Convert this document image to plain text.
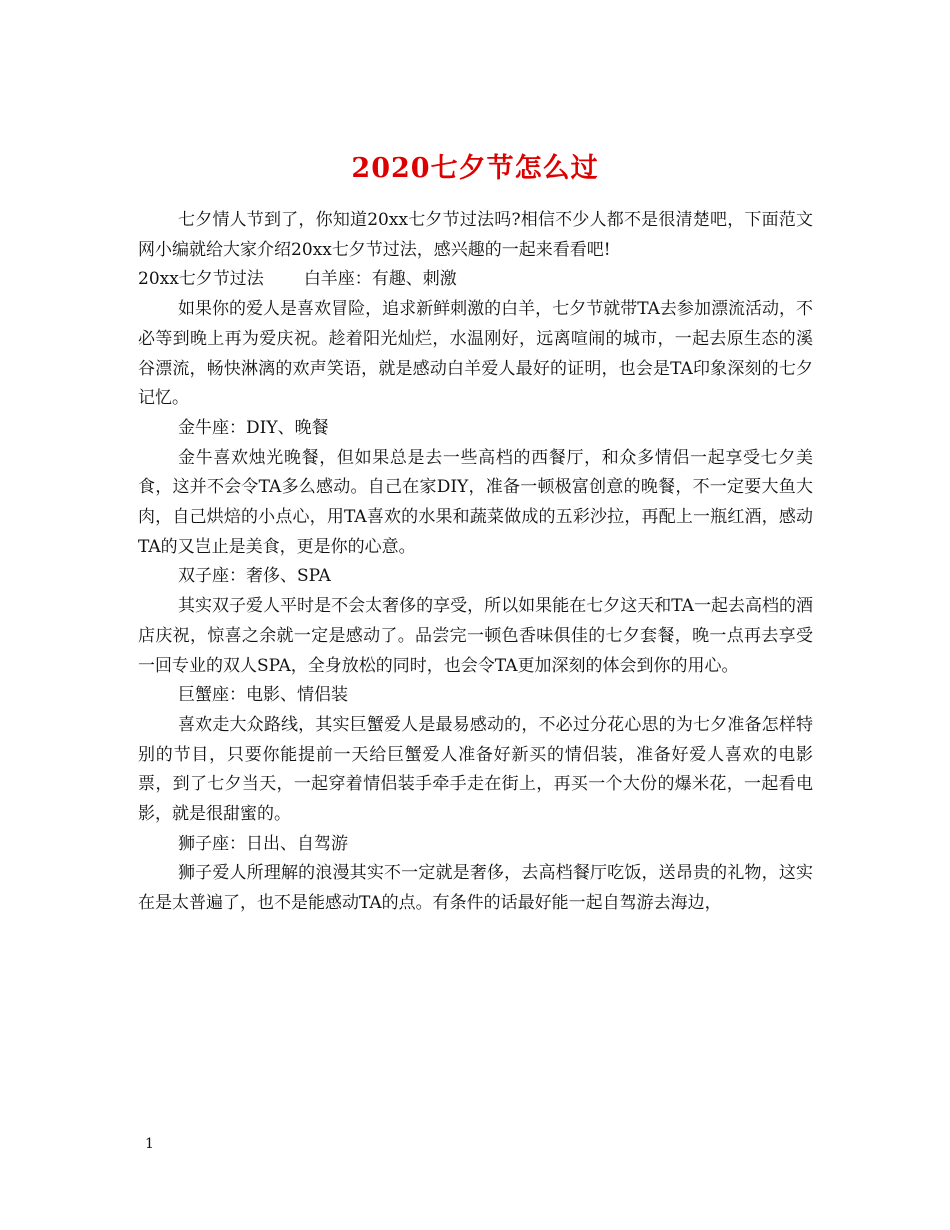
2020七夕节怎么过

七夕情人节到了，你知道20xx七夕节过法吗?相信不少人都不是很清楚吧，下面范文网小编就给大家介绍20xx七夕节过法，感兴趣的一起来看看吧!

20xx七夕节过法 白羊座：有趣、刺激

如果你的爱人是喜欢冒险，追求新鲜刺激的白羊，七夕节就带TA去参加漂流活动，不必等到晚上再为爱庆祝。趁着阳光灿烂，水温刚好，远离喧闹的城市，一起去原生态的溪谷漂流，畅快淋漓的欢声笑语，就是感动白羊爱人最好的证明，也会是TA印象深刻的七夕记忆。

金牛座：DIY、晚餐

金牛喜欢烛光晚餐，但如果总是去一些高档的西餐厅，和众多情侣一起享受七夕美食，这并不会令TA多么感动。自己在家DIY，准备一顿极富创意的晚餐，不一定要大鱼大肉，自己烘焙的小点心，用TA喜欢的水果和蔬菜做成的五彩沙拉，再配上一瓶红酒，感动TA的又岂止是美食，更是你的心意。

双子座：奢侈、SPA

其实双子爱人平时是不会太奢侈的享受，所以如果能在七夕这天和TA一起去高档的酒店庆祝，惊喜之余就一定是感动了。品尝完一顿色香味俱佳的七夕套餐，晚一点再去享受一回专业的双人SPA，全身放松的同时，也会令TA更加深刻的体会到你的用心。

巨蟹座：电影、情侣装

喜欢走大众路线，其实巨蟹爱人是最易感动的，不必过分花心思的为七夕准备怎样特别的节目，只要你能提前一天给巨蟹爱人准备好新买的情侣装，准备好爱人喜欢的电影票，到了七夕当天，一起穿着情侣装手牵手走在街上，再买一个大份的爆米花，一起看电影，就是很甜蜜的。

狮子座：日出、自驾游

狮子爱人所理解的浪漫其实不一定就是奢侈，去高档餐厅吃饭，送昂贵的礼物，这实在是太普遍了，也不是能感动TA的点。有条件的话最好能一起自驾游去海边，

1
